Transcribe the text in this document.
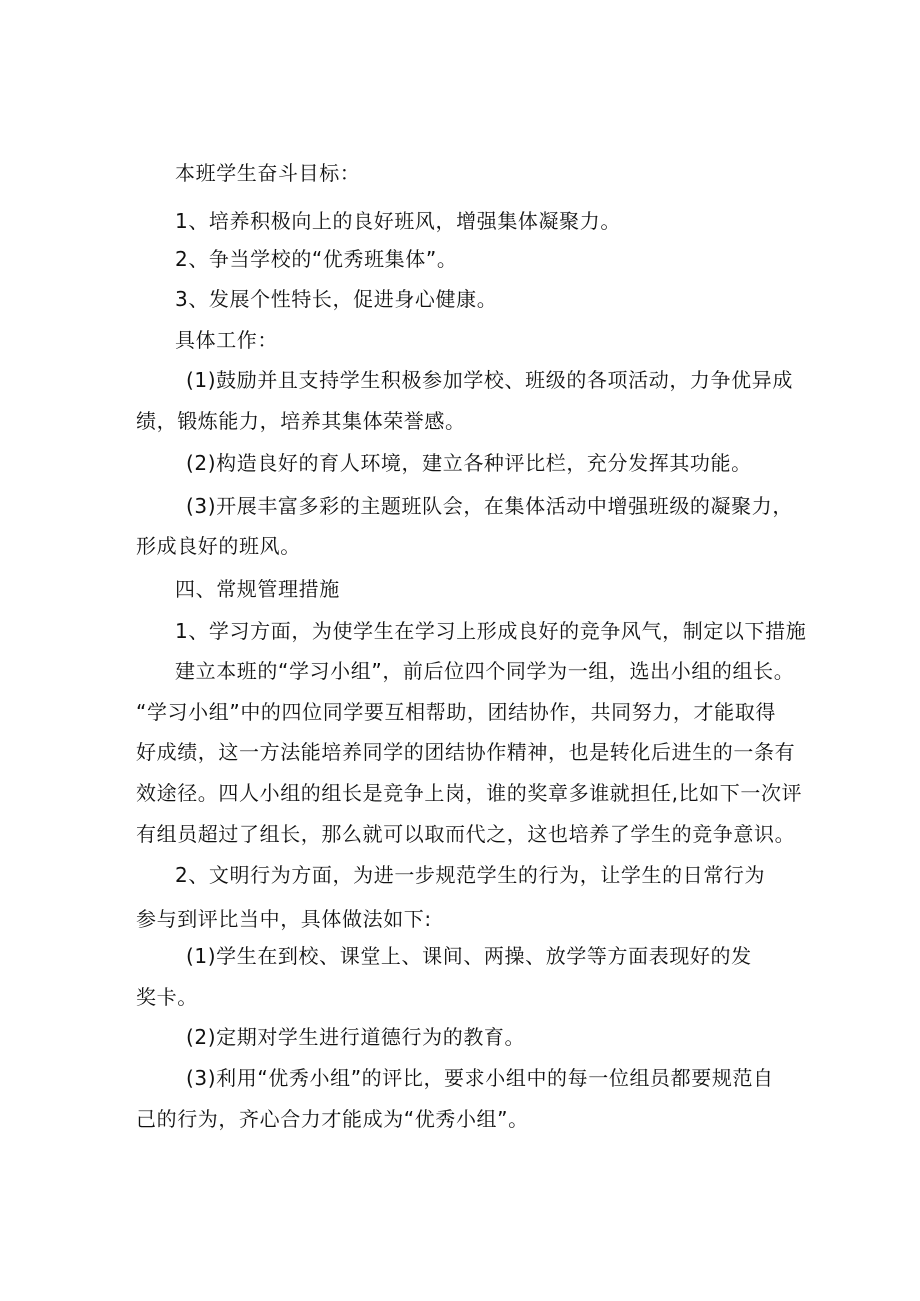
本班学生奋斗目标：
1、培养积极向上的良好班风，增强集体凝聚力。
2、争当学校的“优秀班集体”。
3、发展个性特长，促进身心健康。
具体工作：
(1)鼓励并且支持学生积极参加学校、班级的各项活动，力争优异成
绩，锻炼能力，培养其集体荣誉感。
(2)构造良好的育人环境，建立各种评比栏，充分发挥其功能。
(3)开展丰富多彩的主题班队会，在集体活动中增强班级的凝聚力，
形成良好的班风。
四、常规管理措施
1、学习方面，为使学生在学习上形成良好的竞争风气，制定以下措施
建立本班的“学习小组”，前后位四个同学为一组，选出小组的组长。
“学习小组”中的四位同学要互相帮助，团结协作，共同努力，才能取得
好成绩，这一方法能培养同学的团结协作精神，也是转化后进生的一条有
效途径。四人小组的组长是竞争上岗，谁的奖章多谁就担任,比如下一次评
有组员超过了组长，那么就可以取而代之，这也培养了学生的竞争意识。
2、文明行为方面，为进一步规范学生的行为，让学生的日常行为
参与到评比当中，具体做法如下:
(1)学生在到校、课堂上、课间、两操、放学等方面表现好的发
奖卡。
(2)定期对学生进行道德行为的教育。
(3)利用“优秀小组”的评比，要求小组中的每一位组员都要规范自
己的行为，齐心合力才能成为“优秀小组”。
